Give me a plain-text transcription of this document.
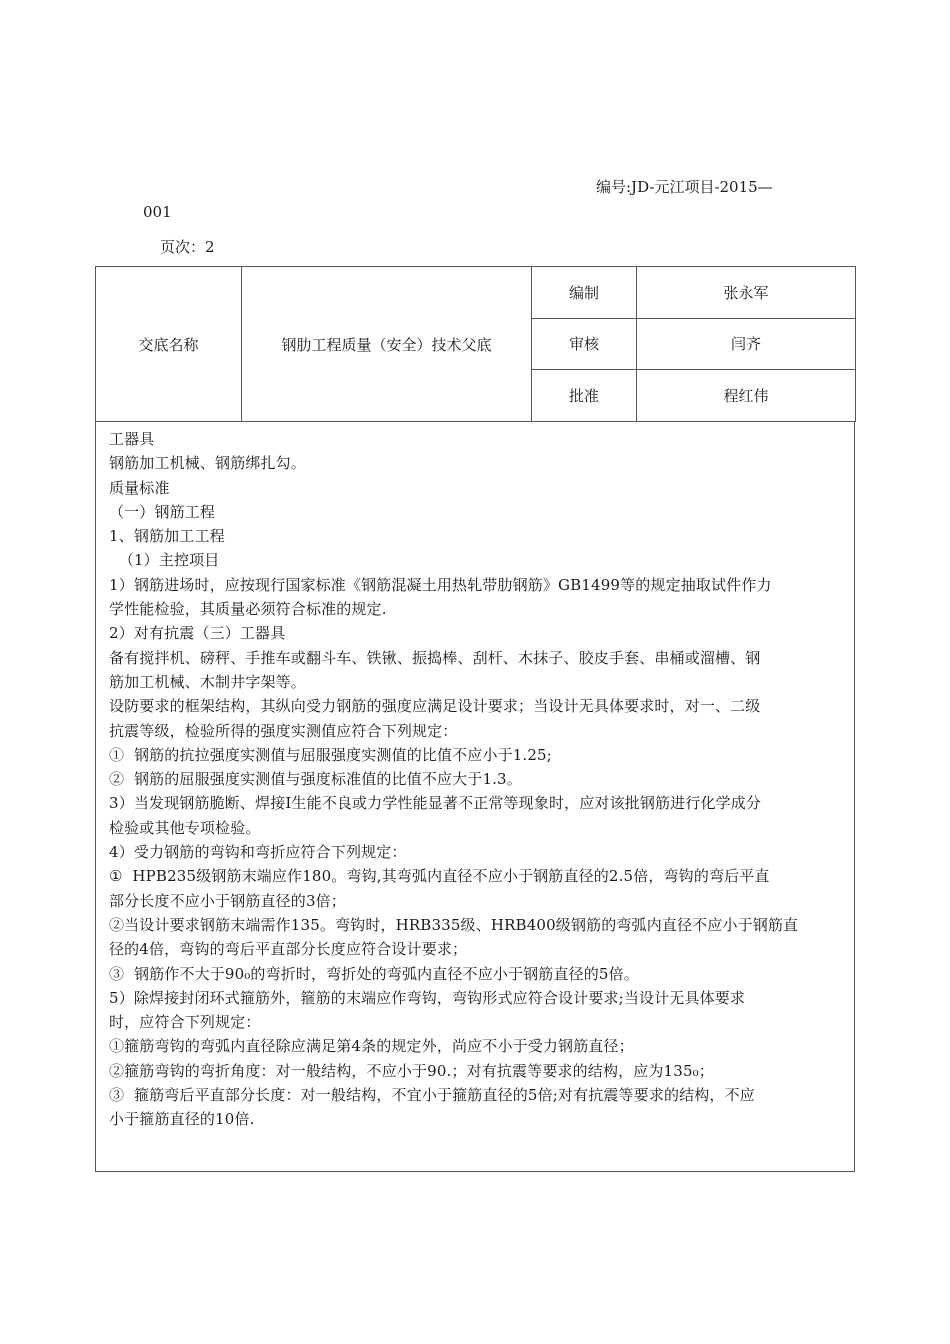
编号:JD-元江项目-2015—
001
页次：2
交底名称	钢肋工程质量（安全）技术父底	编制	张永军
		审核	闫齐
		批准	程红伟
工器具
钢筋加工机械、钢筋绑扎勾。
质量标准
（一）钢筋工程
1、钢筋加工工程
（1）主控项目
1）钢筋进场时，应按现行国家标准《钢筋混凝土用热轧带肋钢筋》GB1499等的规定抽取试件作力
学性能检验，其质量必须符合标准的规定.
2）对有抗震（三）工器具
备有搅拌机、磅秤、手推车或翻斗车、铁锹、振捣棒、刮杆、木抹子、胶皮手套、串桶或溜槽、钢
筋加工机械、木制井字架等。
设防要求的框架结构，其纵向受力钢筋的强度应满足设计要求；当设计无具体要求时，对一、二级
抗震等级，检验所得的强度实测值应符合下列规定：
①  钢筋的抗拉强度实测值与屈服强度实测值的比值不应小于1.25;
②  钢筋的屈服强度实测值与强度标准值的比值不应大于1.3。
3）当发现钢筋脆断、焊接I生能不良或力学性能显著不正常等现象时，应对该批钢筋进行化学成分
检验或其他专项检验。
4）受力钢筋的弯钩和弯折应符合下列规定：
①  HPB235级钢筋末端应作180。弯钩,其弯弧内直径不应小于钢筋直径的2.5倍，弯钩的弯后平直
部分长度不应小于钢筋直径的3倍；
②当设计要求钢筋末端需作135。弯钩时，HRB335级、HRB400级钢筋的弯弧内直径不应小于钢筋直
径的4倍，弯钩的弯后平直部分长度应符合设计要求；
③  钢筋作不大于90₀的弯折时，弯折处的弯弧内直径不应小于钢筋直径的5倍。
5）除焊接封闭环式箍筋外，箍筋的末端应作弯钩，弯钩形式应符合设计要求;当设计无具体要求
时，应符合下列规定：
①箍筋弯钩的弯弧内直径除应满足第4条的规定外，尚应不小于受力钢筋直径；
②箍筋弯钩的弯折角度：对一般结构，不应小于90.；对有抗震等要求的结构，应为135₀；
③  箍筋弯后平直部分长度：对一般结构，不宜小于箍筋直径的5倍;对有抗震等要求的结构，不应
小于箍筋直径的10倍.
